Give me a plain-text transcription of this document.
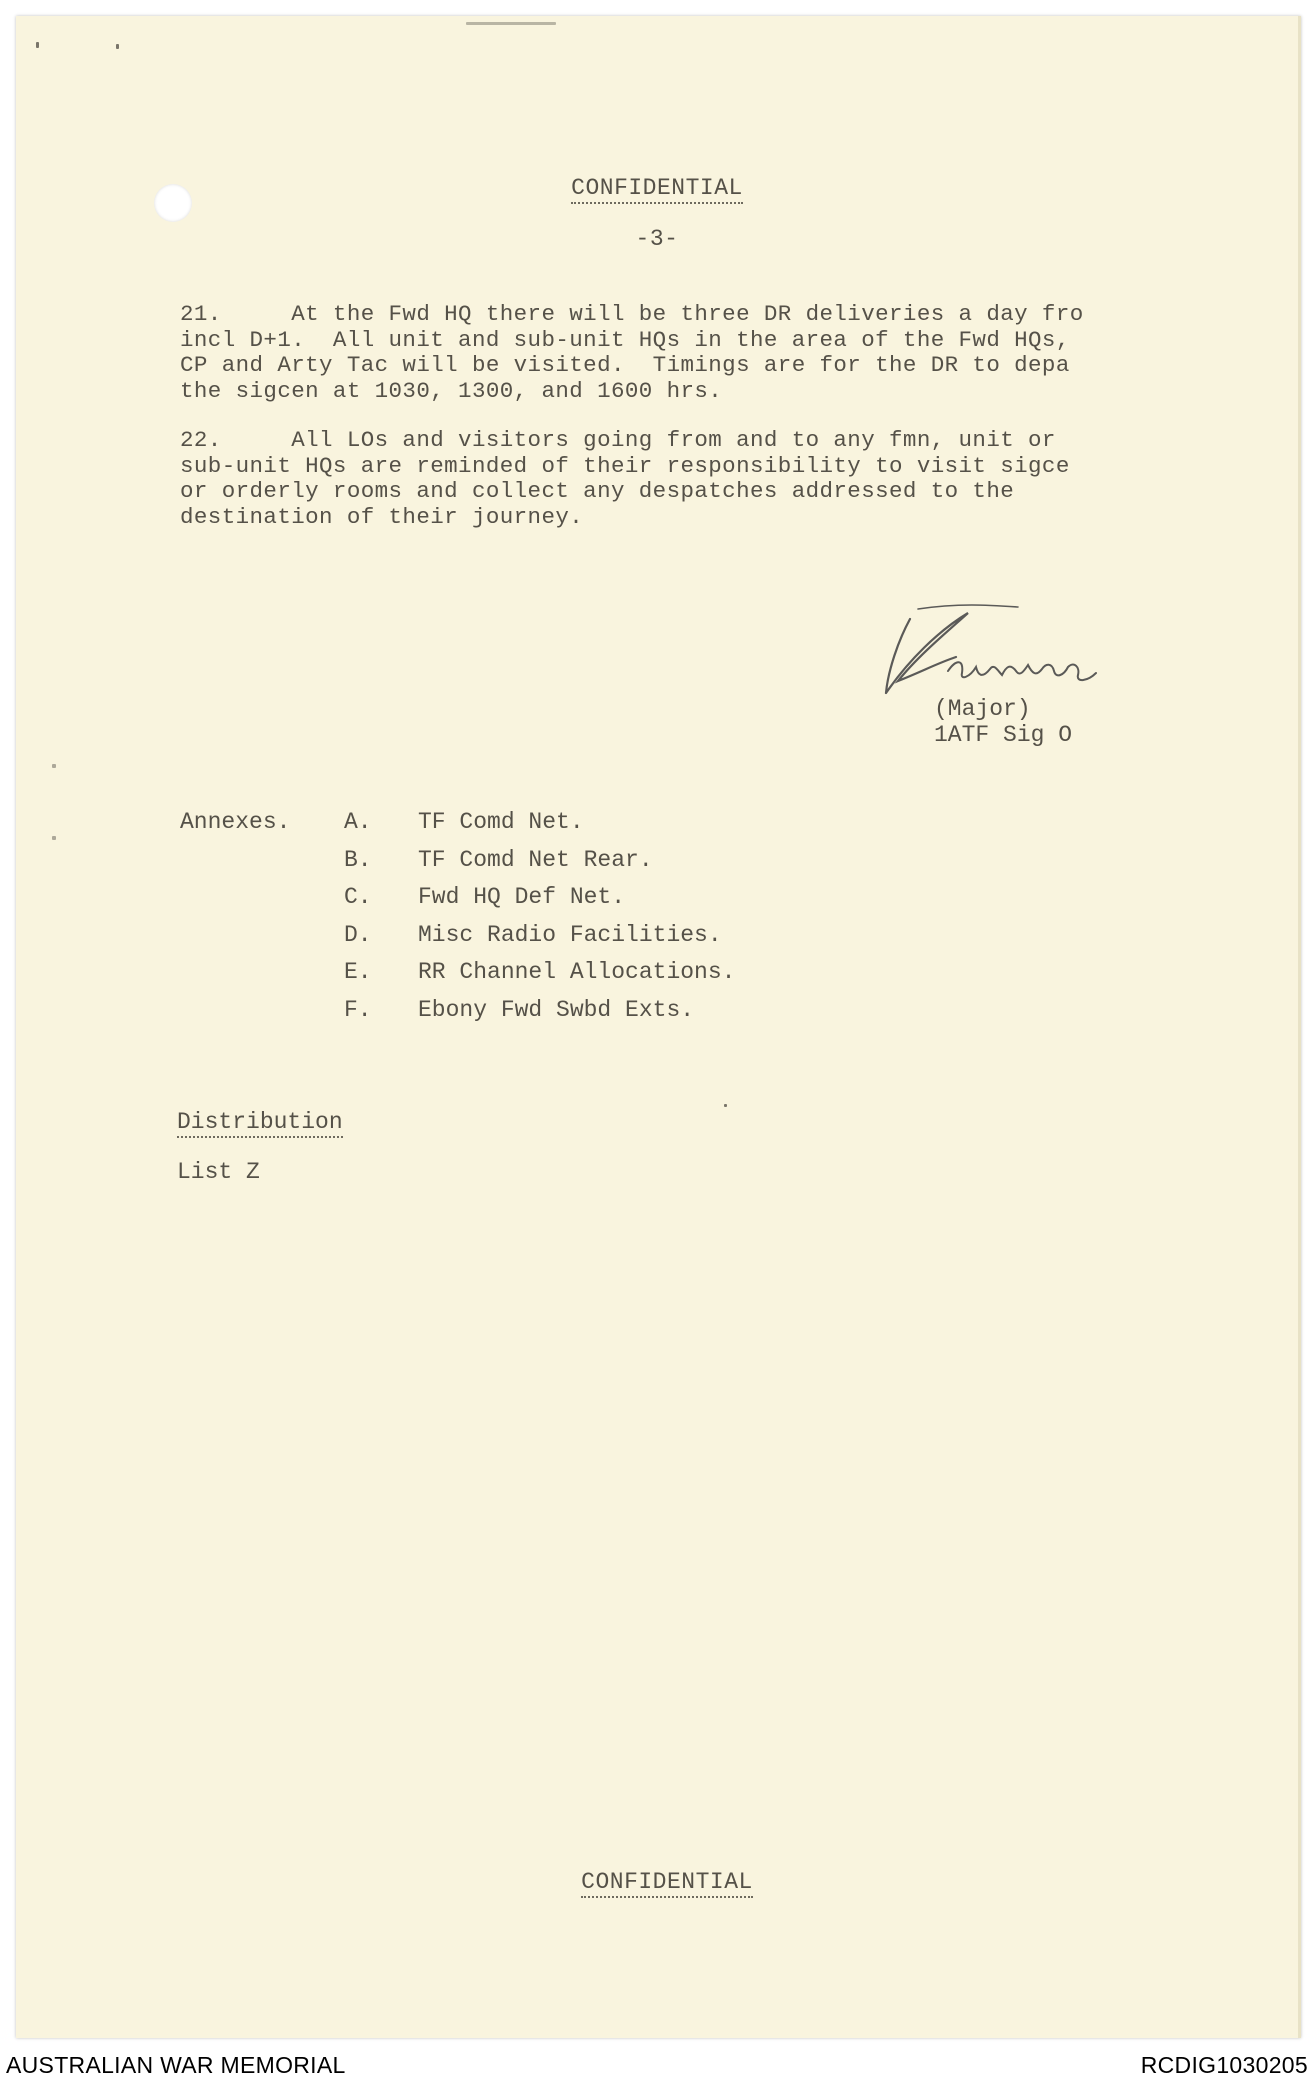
CONFIDENTIAL
-3-
21.     At the Fwd HQ there will be three DR deliveries a day fro
incl D+1.  All unit and sub-unit HQs in the area of the Fwd HQs,
CP and Arty Tac will be visited.  Timings are for the DR to depa
the sigcen at 1030, 1300, and 1600 hrs.
22.     All LOs and visitors going from and to any fmn, unit or
sub-unit HQs are reminded of their responsibility to visit sigce
or orderly rooms and collect any despatches addressed to the
destination of their journey.
(Major)
1ATF Sig O
Annexes. A. TF Comd Net.
B. TF Comd Net Rear.
C. Fwd HQ Def Net.
D. Misc Radio Facilities.
E. RR Channel Allocations.
F. Ebony Fwd Swbd Exts.
Distribution
List Z
CONFIDENTIAL
AUSTRALIAN WAR MEMORIAL	RCDIG1030205
